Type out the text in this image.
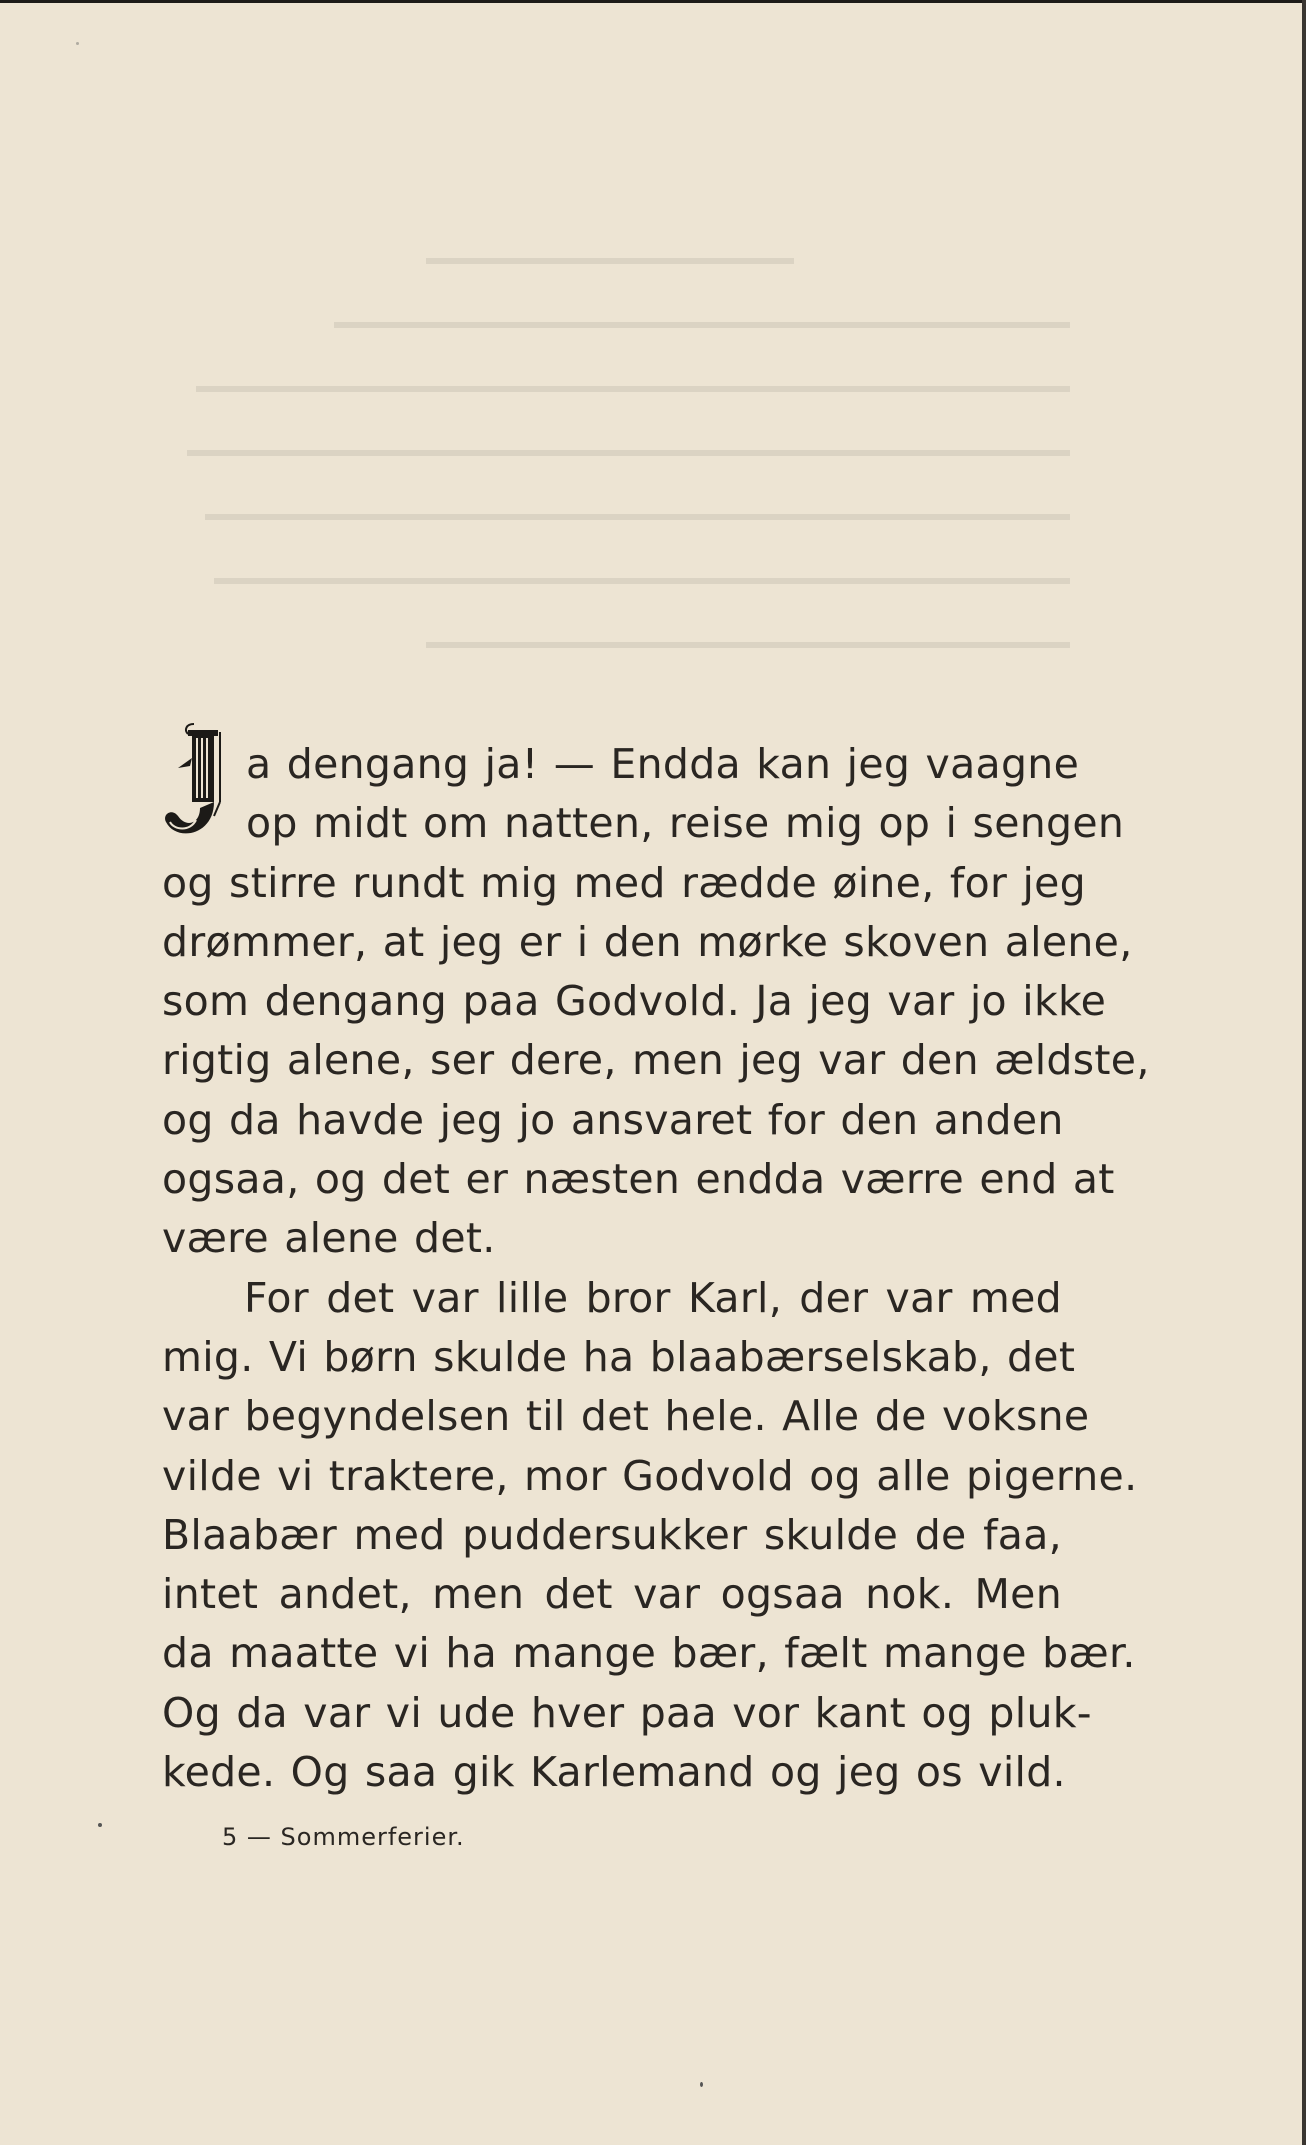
a dengang ja! — Endda kan jeg vaagne
op midt om natten, reise mig op i sengen
og stirre rundt mig med rædde øine, for jeg
drømmer, at jeg er i den mørke skoven alene,
som dengang paa Godvold. Ja jeg var jo ikke
rigtig alene, ser dere, men jeg var den ældste,
og da havde jeg jo ansvaret for den anden
ogsaa, og det er næsten endda værre end at
være alene det.
For det var lille bror Karl, der var med
mig. Vi børn skulde ha blaabærselskab, det
var begyndelsen til det hele. Alle de voksne
vilde vi traktere, mor Godvold og alle pigerne.
Blaabær med puddersukker skulde de faa,
intet andet, men det var ogsaa nok. Men
da maatte vi ha mange bær, fælt mange bær.
Og da var vi ude hver paa vor kant og pluk-
kede. Og saa gik Karlemand og jeg os vild.
5 — Sommerferier.
